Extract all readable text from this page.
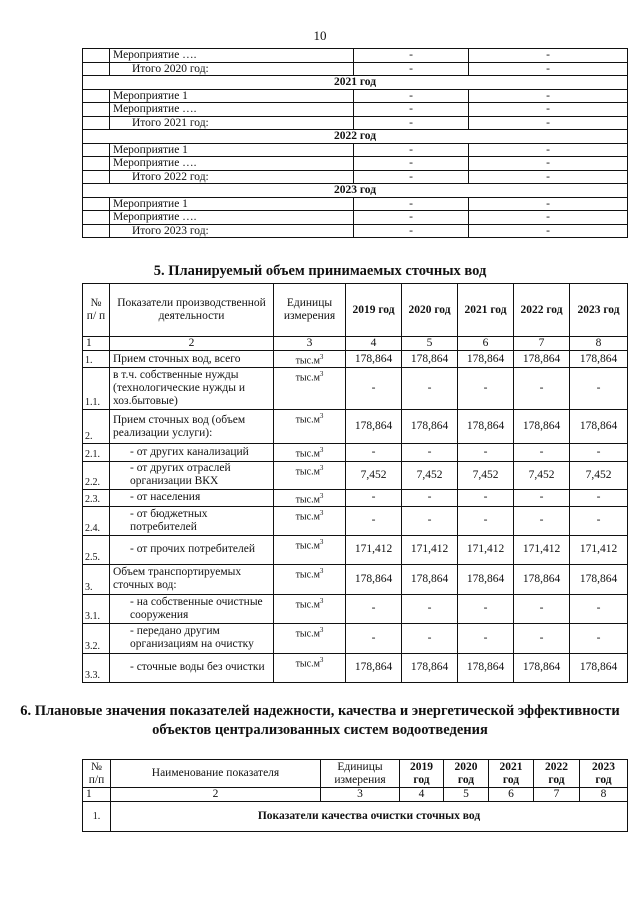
10
	Мероприятие ….	-	-
	Итого 2020 год:	-	-
2021 год			
	Мероприятие 1	-	-
	Мероприятие ….	-	-
	Итого 2021 год:	-	-
2022 год			
	Мероприятие 1	-	-
	Мероприятие ….	-	-
	Итого 2022 год:	-	-
2023 год			
	Мероприятие 1	-	-
	Мероприятие ….	-	-
	Итого 2023 год:	-	-
5. Планируемый объем принимаемых сточных вод
№ п/ п	Показатели производственной деятельности	Единицы измерения	2019 год	2020 год	2021 год	2022 год	2023 год
1	2	3	4	5	6	7	8
1.	Прием сточных вод, всего	$тыс.м^3$	178,864	178,864	178,864	178,864	178,864
1.1.	в т.ч. собственные нужды (технологические нужды и хоз.бытовые)	$тыс.м^3$	-	-	-	-	-
2.	Прием сточных вод (объем реализации услуги):	$тыс.м^3$	178,864	178,864	178,864	178,864	178,864
2.1.	- от других канализаций	$тыс.м^3$	-	-	-	-	-
2.2.	- от других отраслей организации ВКХ	$тыс.м^3$	7,452	7,452	7,452	7,452	7,452
2.3.	- от населения	$тыс.м^3$	-	-	-	-	-
2.4.	- от бюджетных потребителей	$тыс.м^3$	-	-	-	-	-
2.5.	- от прочих потребителей	$тыс.м^3$	171,412	171,412	171,412	171,412	171,412
3.	Объем транспортируемых сточных вод:	$тыс.м^3$	178,864	178,864	178,864	178,864	178,864
3.1.	- на собственные очистные сооружения	$тыс.м^3$	-	-	-	-	-
3.2.	- передано другим организациям на очистку	$тыс.м^3$	-	-	-	-	-
3.3.	- сточные воды без очистки	$тыс.м^3$	178,864	178,864	178,864	178,864	178,864
6. Плановые значения показателей надежности, качества и энергетической эффективности объектов централизованных систем водоотведения
№ п/п	Наименование показателя	Единицы измерения	2019 год	2020 год	2021 год	2022 год	2023 год
1	2	3	4	5	6	7	8
1.	Показатели качества очистки сточных вод						
